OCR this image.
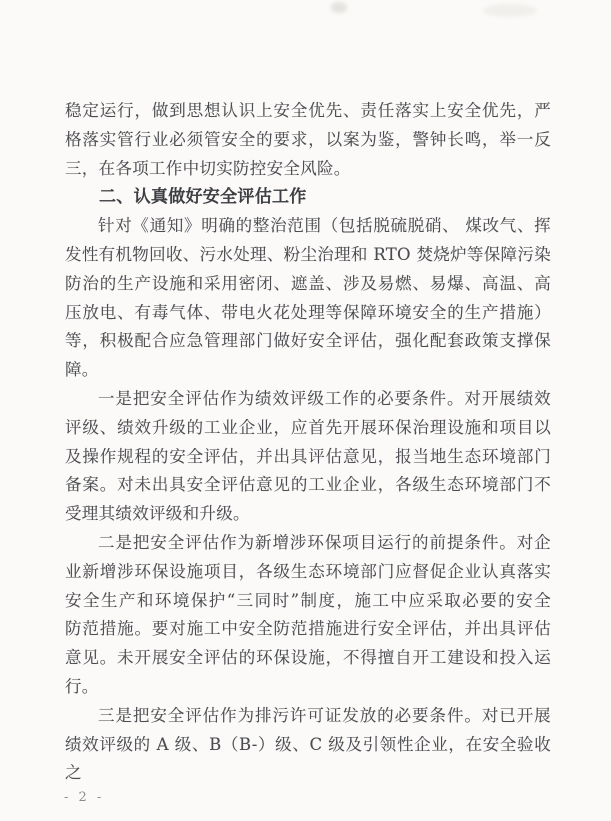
稳定运行，做到思想认识上安全优先、责任落实上安全优先，严
格落实管行业必须管安全的要求，以案为鉴，警钟长鸣，举一反
三，在各项工作中切实防控安全风险。
二、认真做好安全评估工作
针对《通知》明确的整治范围（包括脱硫脱硝、 煤改气、挥
发性有机物回收、污水处理、粉尘治理和 RTO 焚烧炉等保障污染
防治的生产设施和采用密闭、遮盖、涉及易燃、易爆、高温、高
压放电、有毒气体、带电火花处理等保障环境安全的生产措施）
等，积极配合应急管理部门做好安全评估，强化配套政策支撑保
障。
一是把安全评估作为绩效评级工作的必要条件。对开展绩效
评级、绩效升级的工业企业，应首先开展环保治理设施和项目以
及操作规程的安全评估，并出具评估意见，报当地生态环境部门
备案。对未出具安全评估意见的工业企业，各级生态环境部门不
受理其绩效评级和升级。
二是把安全评估作为新增涉环保项目运行的前提条件。对企
业新增涉环保设施项目，各级生态环境部门应督促企业认真落实
安全生产和环境保护“三同时”制度，施工中应采取必要的安全
防范措施。要对施工中安全防范措施进行安全评估，并出具评估
意见。未开展安全评估的环保设施，不得擅自开工建设和投入运
行。
三是把安全评估作为排污许可证发放的必要条件。对已开展
绩效评级的 A 级、B（B-）级、C 级及引领性企业，在安全验收之
- 2 -
